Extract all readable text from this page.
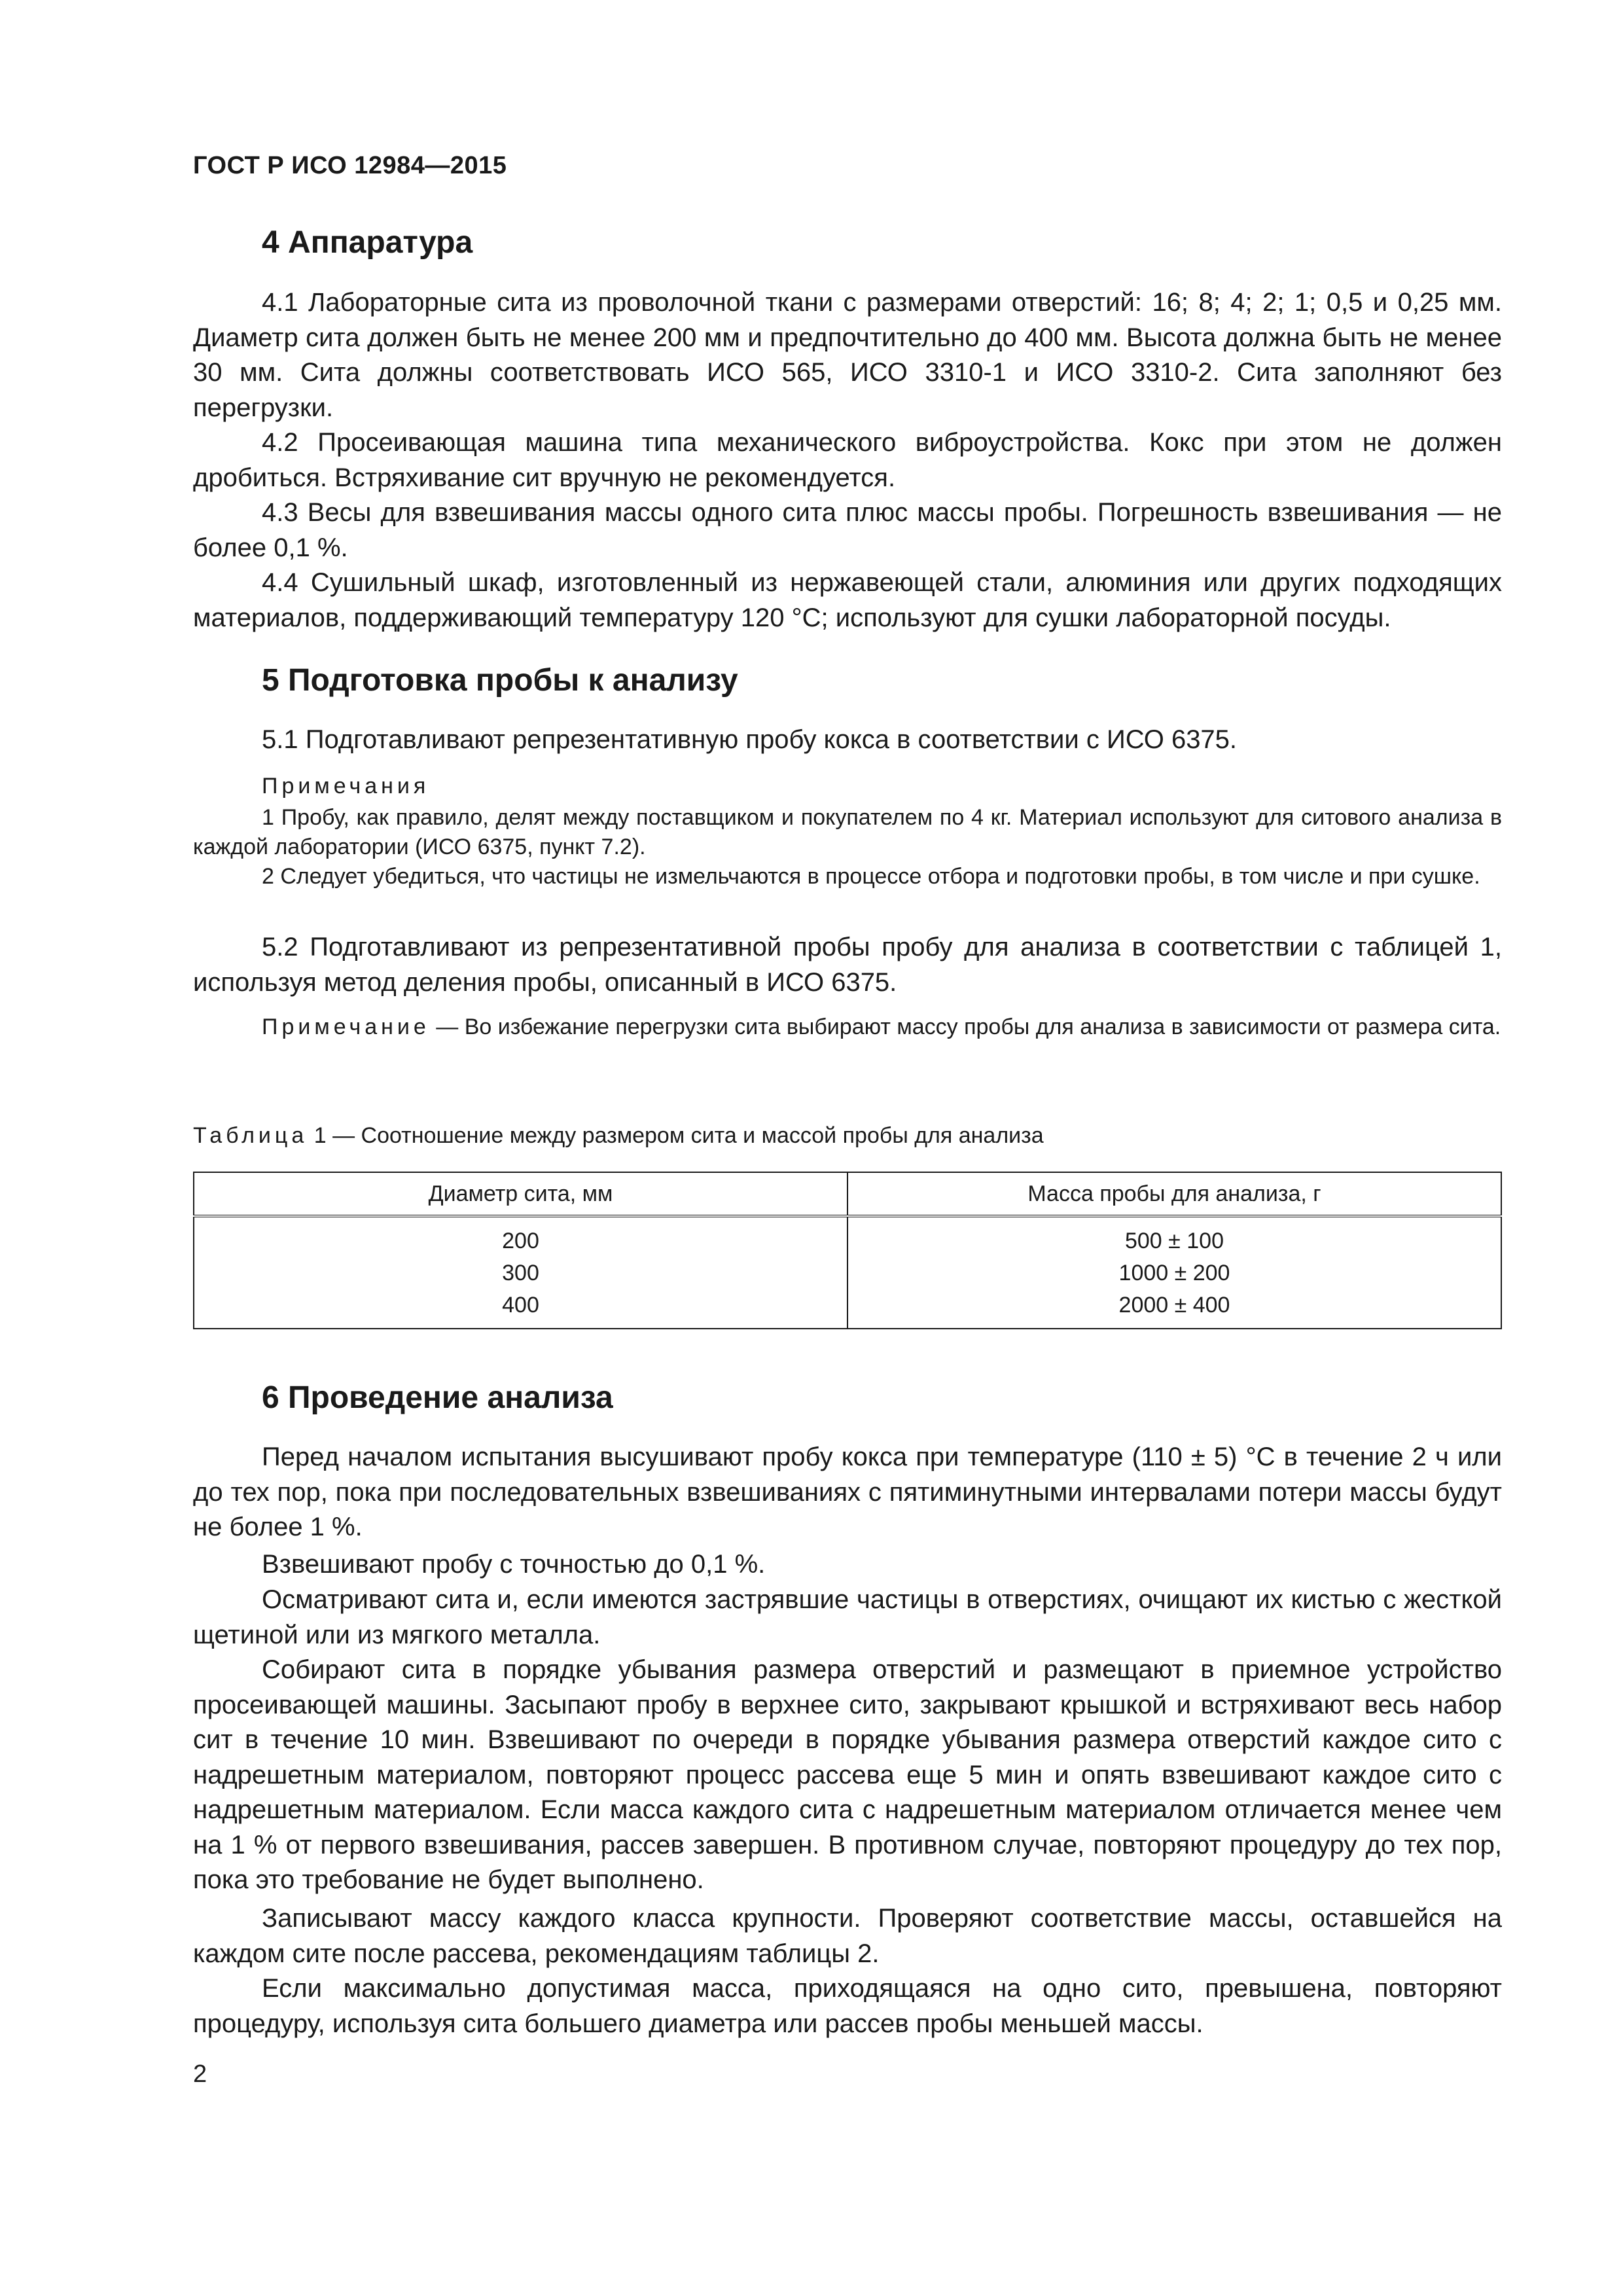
ГОСТ Р ИСО 12984—2015
4 Аппаратура

4.1 Лабораторные сита из проволочной ткани с размерами отверстий: 16; 8; 4; 2; 1; 0,5 и 0,25 мм. Диаметр сита должен быть не менее 200 мм и предпочтительно до 400 мм. Высота должна быть не менее 30 мм. Сита должны соответствовать ИСО 565, ИСО 3310-1 и ИСО 3310-2. Сита заполняют без перегрузки.

4.2 Просеивающая машина типа механического виброустройства. Кокс при этом не должен дробиться. Встряхивание сит вручную не рекомендуется.

4.3 Весы для взвешивания массы одного сита плюс массы пробы. Погрешность взвешивания — не более 0,1 %.

4.4 Сушильный шкаф, изготовленный из нержавеющей стали, алюминия или других подходящих материалов, поддерживающий температуру 120 °С; используют для сушки лабораторной посуды.

5 Подготовка пробы к анализу

5.1 Подготавливают репрезентативную пробу кокса в соответствии с ИСО 6375.

Примечания

1 Пробу, как правило, делят между поставщиком и покупателем по 4 кг. Материал используют для ситового анализа в каждой лаборатории (ИСО 6375, пункт 7.2).

2 Следует убедиться, что частицы не измельчаются в процессе отбора и подготовки пробы, в том числе и при сушке.

5.2 Подготавливают из репрезентативной пробы пробу для анализа в соответствии с таблицей 1, используя метод деления пробы, описанный в ИСО 6375.

Примечание — Во избежание перегрузки сита выбирают массу пробы для анализа в зависимости от размера сита.

Таблица 1 — Соотношение между размером сита и массой пробы для анализа
Диаметр сита, мм	Масса пробы для анализа, г
200	500 ± 100
300	1000 ± 200
400	2000 ± 400
6 Проведение анализа

Перед началом испытания высушивают пробу кокса при температуре (110 ± 5) °С в течение 2 ч или до тех пор, пока при последовательных взвешиваниях с пятиминутными интервалами потери массы будут не более 1 %.

Взвешивают пробу с точностью до 0,1 %.

Осматривают сита и, если имеются застрявшие частицы в отверстиях, очищают их кистью с жесткой щетиной или из мягкого металла.

Собирают сита в порядке убывания размера отверстий и размещают в приемное устройство просеивающей машины. Засыпают пробу в верхнее сито, закрывают крышкой и встряхивают весь набор сит в течение 10 мин. Взвешивают по очереди в порядке убывания размера отверстий каждое сито с надрешетным материалом, повторяют процесс рассева еще 5 мин и опять взвешивают каждое сито с надрешетным материалом. Если масса каждого сита с надрешетным материалом отличается менее чем на 1 % от первого взвешивания, рассев завершен. В противном случае, повторяют процедуру до тех пор, пока это требование не будет выполнено.

Записывают массу каждого класса крупности. Проверяют соответствие массы, оставшейся на каждом сите после рассева, рекомендациям таблицы 2.

Если максимально допустимая масса, приходящаяся на одно сито, превышена, повторяют процедуру, используя сита большего диаметра или рассев пробы меньшей массы.

2
